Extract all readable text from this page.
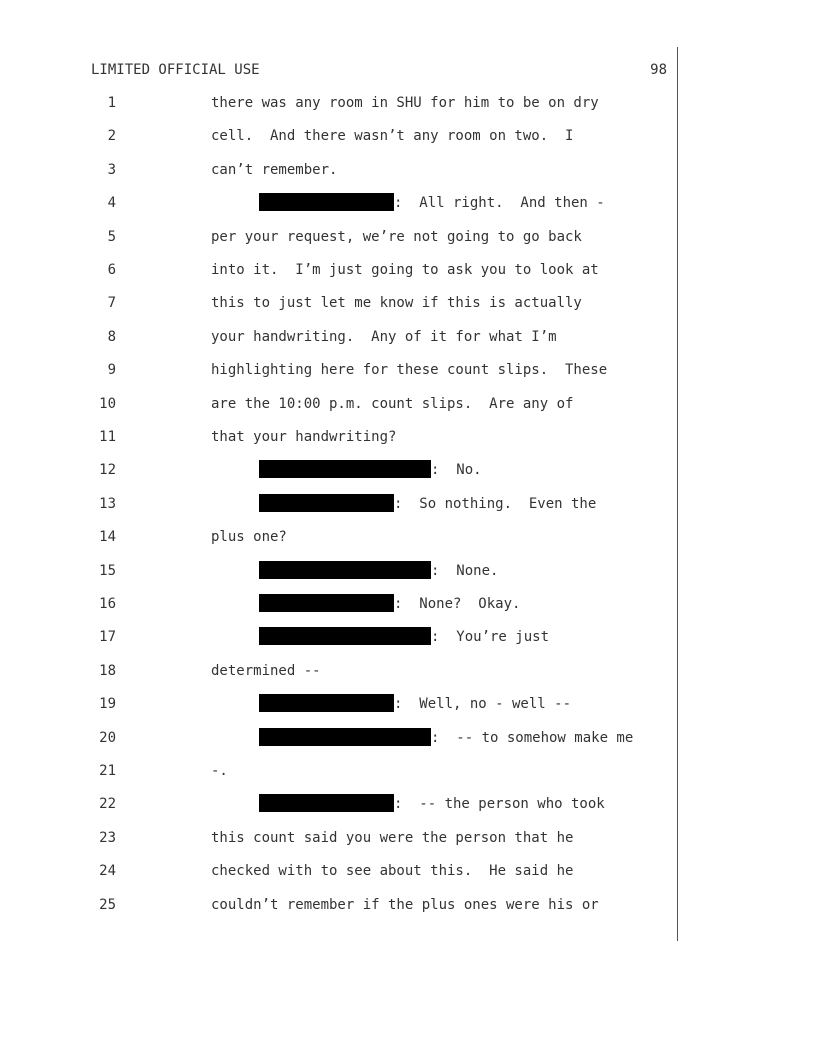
LIMITED OFFICIAL USE	98
1	there was any room in SHU for him to be on dry
2	cell.  And there wasn’t any room on two.  I
3	can’t remember.
4	:  All right.  And then -
5	per your request, we’re not going to go back
6	into it.  I’m just going to ask you to look at
7	this to just let me know if this is actually
8	your handwriting.  Any of it for what I’m
9	highlighting here for these count slips.  These
10	are the 10:00 p.m. count slips.  Are any of
11	that your handwriting?
12	:  No.
13	:  So nothing.  Even the
14	plus one?
15	:  None.
16	:  None?  Okay.
17	:  You’re just
18	determined --
19	:  Well, no - well --
20	:  -- to somehow make me
21	-.
22	:  -- the person who took
23	this count said you were the person that he
24	checked with to see about this.  He said he
25	couldn’t remember if the plus ones were his or
